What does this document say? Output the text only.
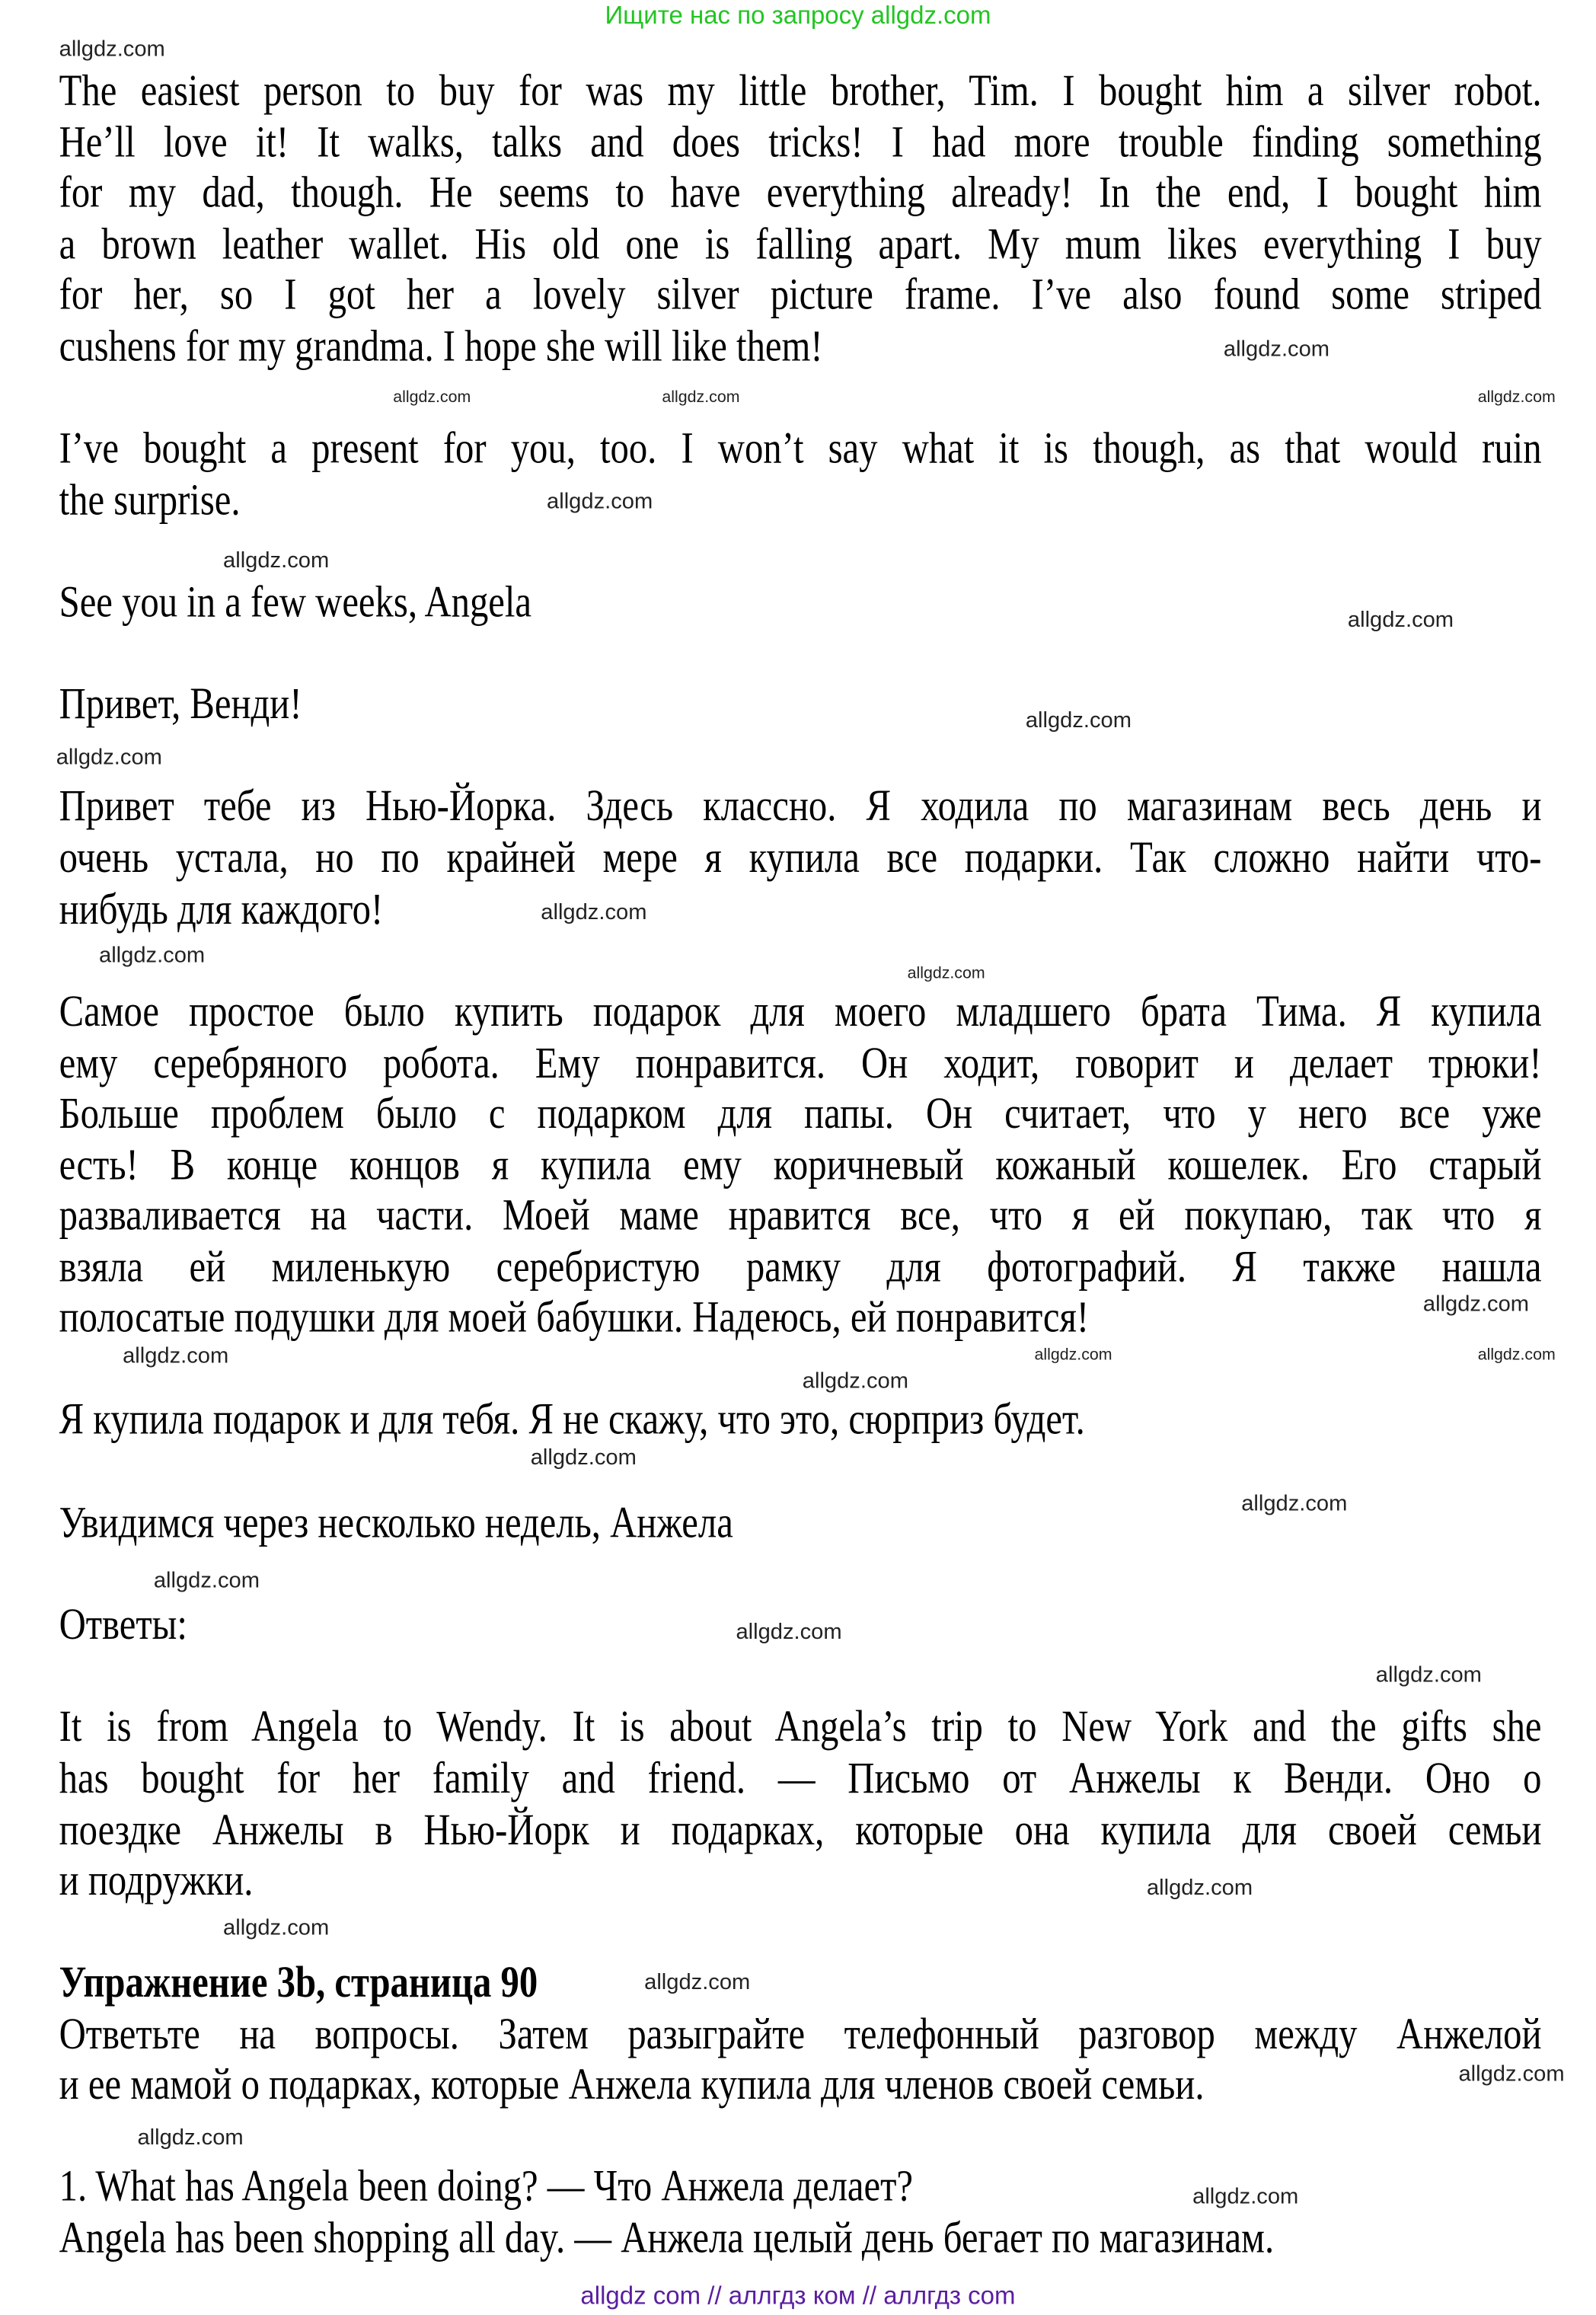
Ищите нас по запросу allgdz.com
allgdz com // аллгдз ком // аллгдз com
The easiest person to buy for was my little brother, Tim. I bought him a silver robot.
He’ll love it! It walks, talks and does tricks! I had more trouble finding something
for my dad, though. He seems to have everything already! In the end, I bought him
a brown leather wallet. His old one is falling apart. My mum likes everything I buy
for her, so I got her a lovely silver picture frame. I’ve also found some striped
cushens for my grandma. I hope she will like them!
I’ve bought a present for you, too. I won’t say what it is though, as that would ruin
the surprise.
See you in a few weeks, Angela
Привет, Венди!
Привет тебе из Нью-Йорка. Здесь классно. Я ходила по магазинам весь день и
очень устала, но по крайней мере я купила все подарки. Так сложно найти что-
нибудь для каждого!
Самое простое было купить подарок для моего младшего брата Тима. Я купила
ему серебряного робота. Ему понравится. Он ходит, говорит и делает трюки!
Больше проблем было с подарком для папы. Он считает, что у него все уже
есть! В конце концов я купила ему коричневый кожаный кошелек. Его старый
разваливается на части. Моей маме нравится все, что я ей покупаю, так что я
взяла ей миленькую серебристую рамку для фотографий. Я также нашла
полосатые подушки для моей бабушки. Надеюсь, ей понравится!
Я купила подарок и для тебя. Я не скажу, что это, сюрприз будет.
Увидимся через несколько недель, Анжела
Ответы:
It is from Angela to Wendy. It is about Angela’s trip to New York and the gifts she
has bought for her family and friend. — Письмо от Анжелы к Венди. Оно о
поездке Анжелы в Нью-Йорк и подарках, которые она купила для своей семьи
и подружки.
Упражнение 3b, страница 90
Ответьте на вопросы. Затем разыграйте телефонный разговор между Анжелой
и ее мамой о подарках, которые Анжела купила для членов своей семьи.
1. What has Angela been doing? — Что Анжела делает?
Angela has been shopping all day. — Анжела целый день бегает по магазинам.
allgdz.com
allgdz.com	allgdz.com
allgdz.com
allgdz.com
allgdz.com
allgdz.com
allgdz.com
allgdz.com
allgdz.com
allgdz.com
allgdz.com
allgdz.com
allgdz.com	allgdz.com
allgdz.com
allgdz.com
allgdz.com
allgdz.com
allgdz.com
allgdz.com
allgdz.com
allgdz.com
allgdz.com
allgdz.com
allgdz.com
allgdz.com
allgdz.com
allgdz.com
